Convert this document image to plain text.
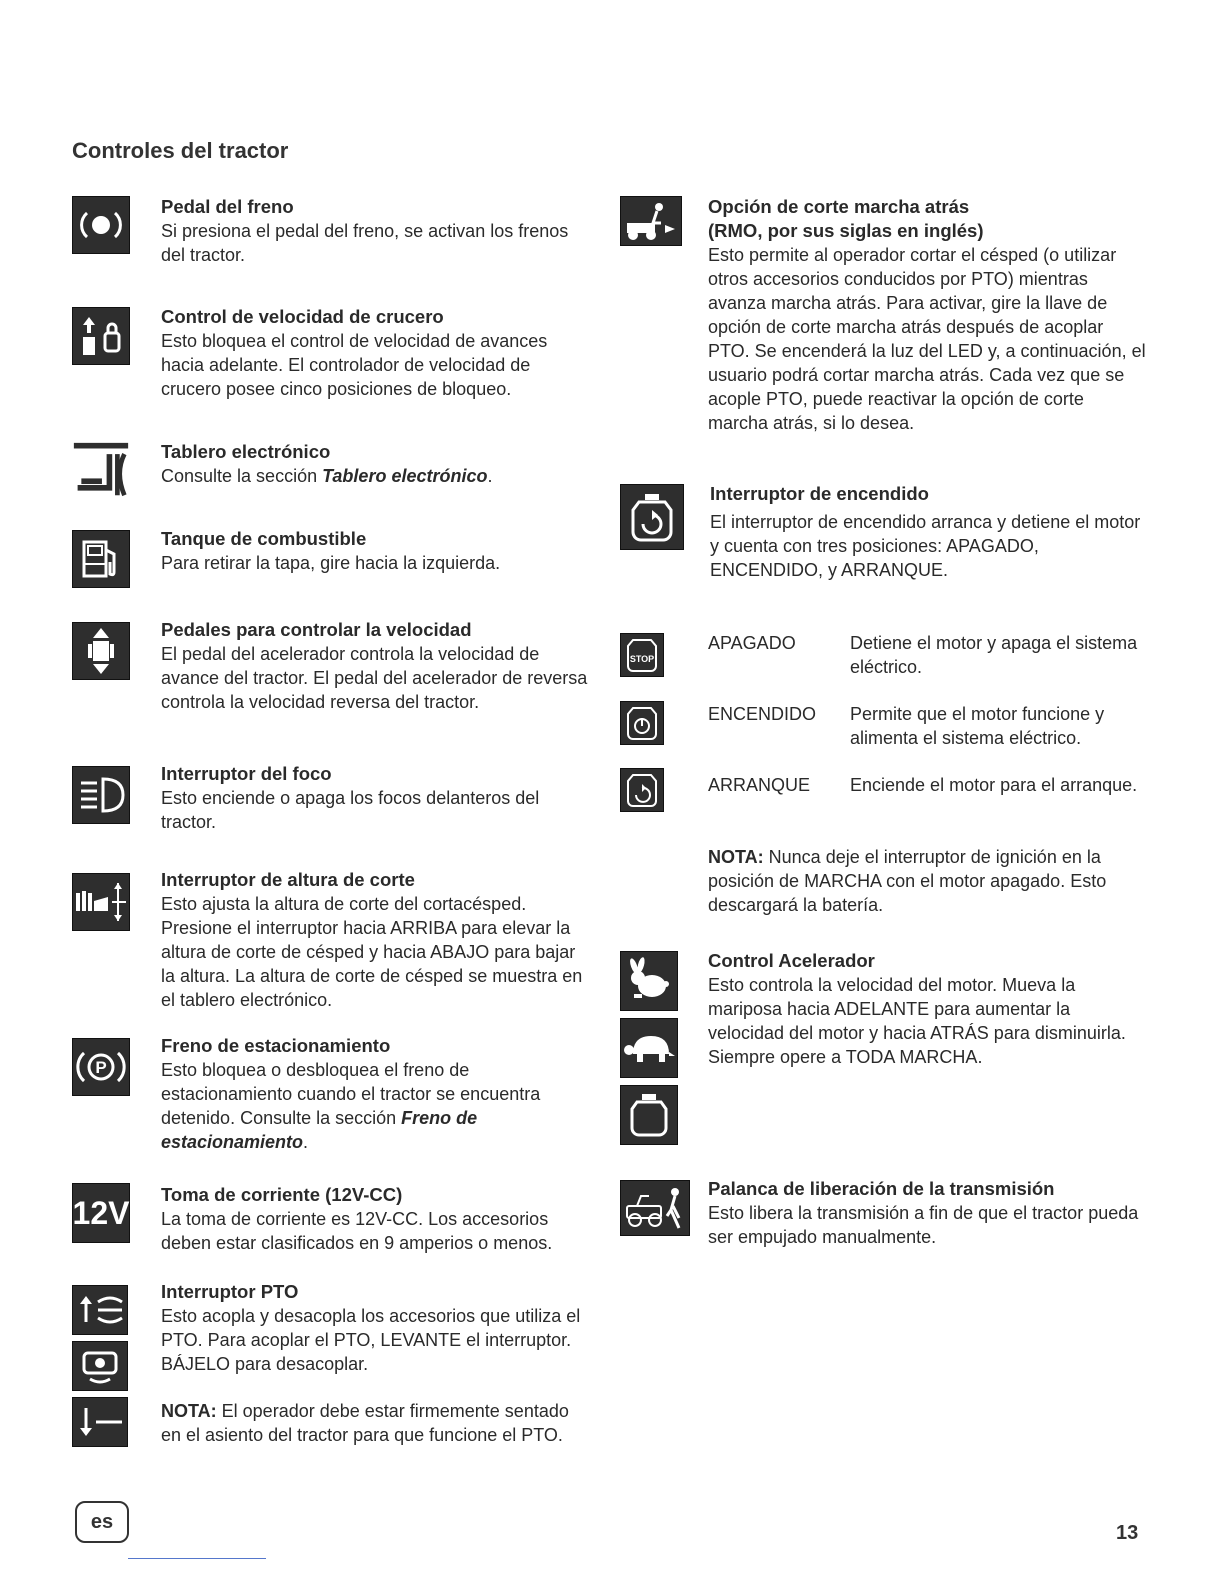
Controles del tractor
Pedal del freno

Si presiona el pedal del freno, se activan los frenos del tractor.

Control de velocidad de crucero

Esto bloquea el control de velocidad de avances hacia adelante. El controlador de velocidad de crucero posee cinco posiciones de bloqueo.

Tablero electrónico

Consulte la sección Tablero electrónico.

Tanque de combustible

Para retirar la tapa, gire hacia la izquierda.

Pedales para controlar la velocidad

El pedal del acelerador controla la velocidad de avance del tractor. El pedal del acelerador de reversa controla la velocidad reversa del tractor.

Interruptor del foco

Esto enciende o apaga los focos delanteros del tractor.

Interruptor de altura de corte

Esto ajusta la altura de corte del cortacésped. Presione el interruptor hacia ARRIBA para elevar la altura de corte de césped y hacia ABAJO para bajar la altura. La altura de corte de césped se muestra en el tablero electrónico.

P
Freno de estacionamiento

Esto bloquea o desbloquea el freno de estacionamiento cuando el tractor se encuentra detenido. Consulte la sección Freno de estacionamiento.

12V Toma de corriente (12V-CC)

La toma de corriente es 12V-CC. Los accesorios deben estar clasificados en 9 amperios o menos.

Interruptor PTO

Esto acopla y desacopla los accesorios que utiliza el PTO. Para acoplar el PTO, LEVANTE el interruptor. BÁJELO para desacoplar.

NOTA: El operador debe estar firmemente sentado en el asiento del tractor para que funcione el PTO.

Opción de corte marcha atrás
(RMO, por sus siglas en inglés)

Esto permite al operador cortar el césped (o utilizar otros accesorios conducidos por PTO) mientras avanza marcha atrás. Para activar, gire la llave de opción de corte marcha atrás después de acoplar PTO. Se encenderá la luz del LED y, a continuación, el usuario podrá cortar marcha atrás. Cada vez que se acople PTO, puede reactivar la opción de corte marcha atrás, si lo desea.

Interruptor de encendido

El interruptor de encendido arranca y detiene el motor y cuenta con tres posiciones: APAGADO, ENCENDIDO, y ARRANQUE.

STOP
APAGADO	Detiene el motor y apaga el sistema eléctrico.
ENCENDIDO Permite que el motor funcione y alimenta el sistema eléctrico.
ARRANQUE Enciende el motor para el arranque.

NOTA: Nunca deje el interruptor de ignición en la posición de MARCHA con el motor apagado. Esto descargará la batería.

Control Acelerador

Esto controla la velocidad del motor. Mueva la mariposa hacia ADELANTE para aumentar la velocidad del motor y hacia ATRÁS para disminuirla. Siempre opere a TODA MARCHA.

Palanca de liberación de la transmisión

Esto libera la transmisión a fin de que el tractor pueda ser empujado manualmente.

es
13
